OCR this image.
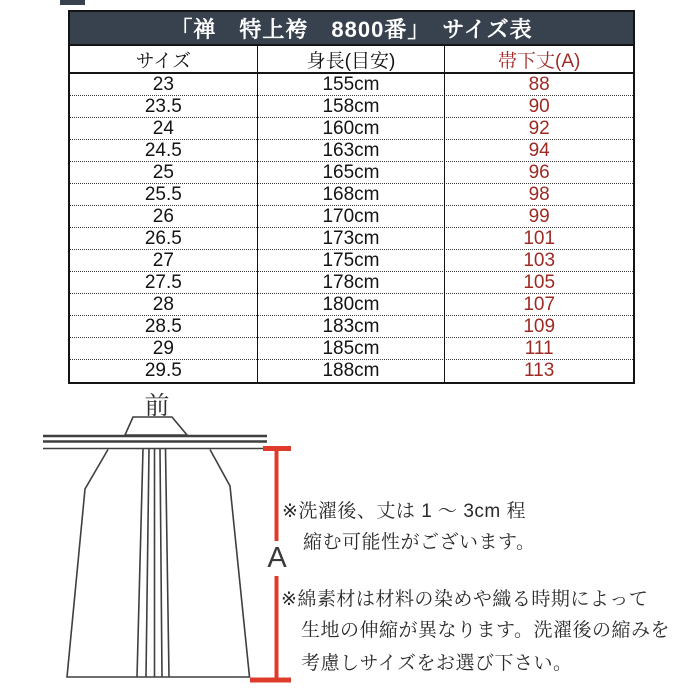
「禅　特上袴　8800番」　サイズ表
サイズ	身長(目安)	帯下丈(A)
23	155cm	88
23.5	158cm	90
24	160cm	92
24.5	163cm	94
25	165cm	96
25.5	168cm	98
26	170cm	99
26.5	173cm	101
27	175cm	103
27.5	178cm	105
28	180cm	107
28.5	183cm	109
29	185cm	111
29.5	188cm	113
前
A
※洗濯後、丈は 1 ～ 3cm 程
縮む可能性がございます。
※綿素材は材料の染めや織る時期によって
生地の伸縮が異なります。洗濯後の縮みを
考慮しサイズをお選び下さい。
